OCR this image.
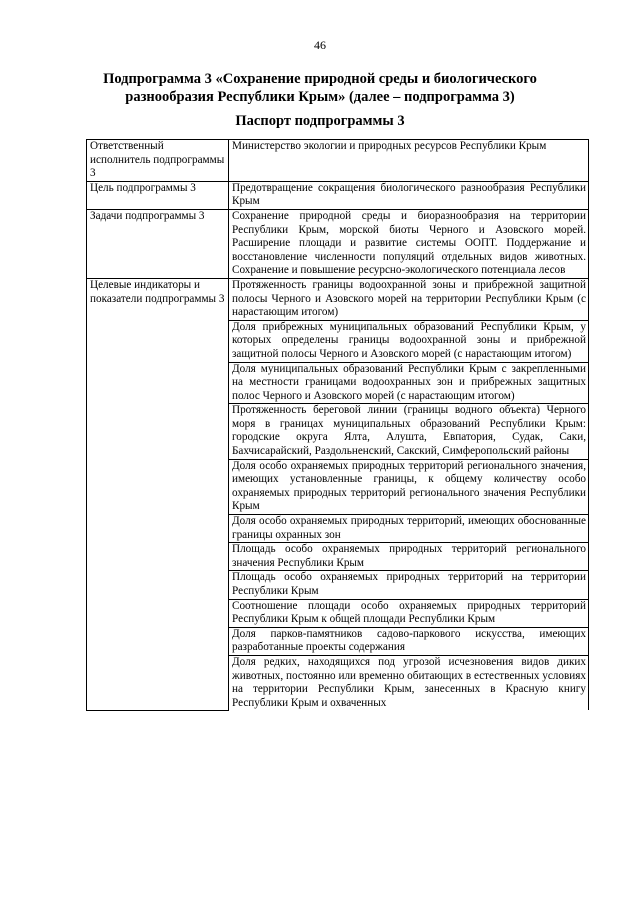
46
Подпрограмма 3 «Сохранение природной среды и биологического разнообразия Республики Крым» (далее – подпрограмма 3)
Паспорт подпрограммы 3
Ответственный исполнитель подпрограммы 3	Министерство экологии и природных ресурсов Республики Крым
Цель подпрограммы 3	Предотвращение сокращения биологического разнообразия Республики Крым
Задачи подпрограммы 3	Сохранение природной среды и биоразнообразия на территории Республики Крым, морской биоты Черного и Азовского морей. Расширение площади и развитие системы ООПТ. Поддержание и восстановление численности популяций отдельных видов животных. Сохранение и повышение ресурсно-экологического потенциала лесов
Целевые индикаторы и показатели подпрограммы 3	Протяженность границы водоохранной зоны и прибрежной защитной полосы Черного и Азовского морей на территории Республики Крым (с нарастающим итогом)
	Доля прибрежных муниципальных образований Республики Крым, у которых определены границы водоохранной зоны и прибрежной защитной полосы Черного и Азовского морей (с нарастающим итогом)
	Доля муниципальных образований Республики Крым с закрепленными на местности границами водоохранных зон и прибрежных защитных полос Черного и Азовского морей (с нарастающим итогом)
	Протяженность береговой линии (границы водного объекта) Черного моря в границах муниципальных образований Республики Крым: городские округа Ялта, Алушта, Евпатория, Судак, Саки, Бахчисарайский, Раздольненский, Сакский, Симферопольский районы
	Доля особо охраняемых природных территорий регионального значения, имеющих установленные границы, к общему количеству особо охраняемых природных территорий регионального значения Республики Крым
	Доля особо охраняемых природных территорий, имеющих обоснованные границы охранных зон
	Площадь особо охраняемых природных территорий регионального значения Республики Крым
	Площадь особо охраняемых природных территорий на территории Республики Крым
	Соотношение площади особо охраняемых природных территорий Республики Крым к общей площади Республики Крым
	Доля парков-памятников садово-паркового искусства, имеющих разработанные проекты содержания
	Доля редких, находящихся под угрозой исчезновения видов диких животных, постоянно или временно обитающих в естественных условиях на территории Республики Крым, занесенных в Красную книгу Республики Крым и охваченных
